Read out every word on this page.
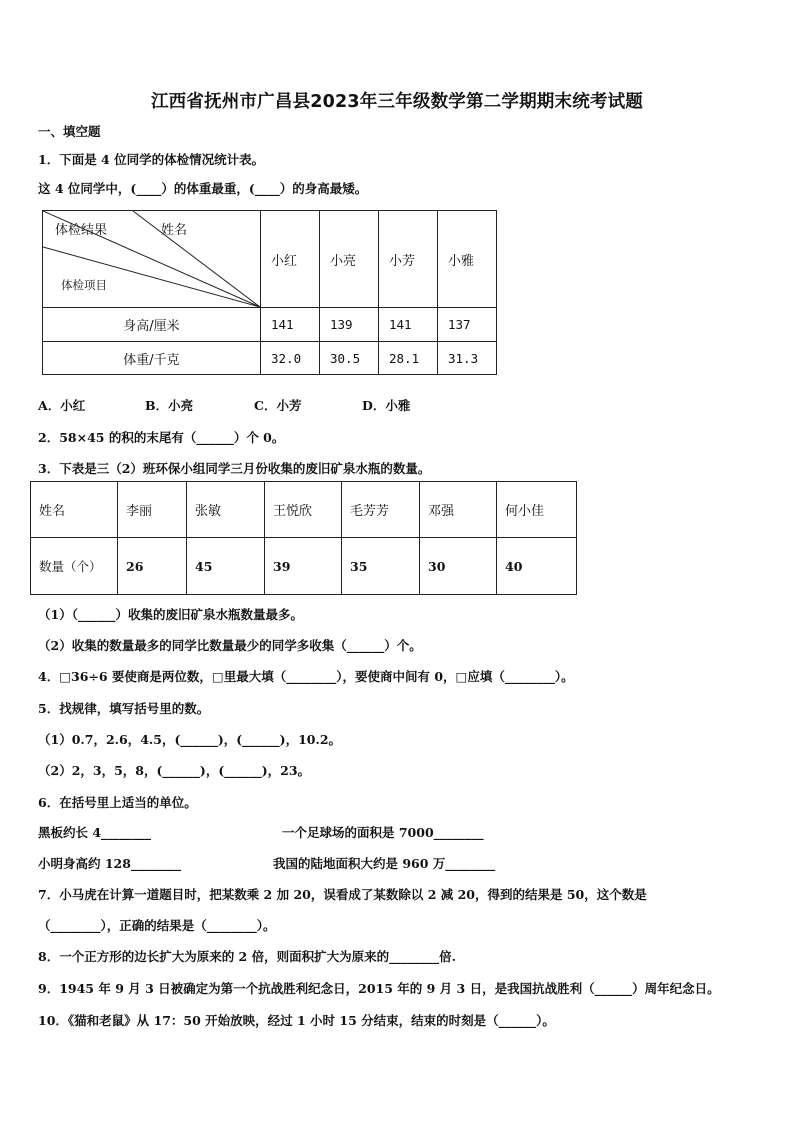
江西省抚州市广昌县2023年三年级数学第二学期期末统考试题
一、填空题
1．下面是 4 位同学的体检情况统计表。
这 4 位同学中，(____）的体重最重，(____）的身高最矮。
体检结果 姓名
体检项目	小红	小亮	小芳	小雅
身高/厘米	141	139	141	137
体重/千克	32.0	30.5	28.1	31.3
A．小红	B．小亮	C．小芳	D．小雅
2．58×45 的积的末尾有（______）个 0。
3．下表是三（2）班环保小组同学三月份收集的废旧矿泉水瓶的数量。
姓名	李丽	张敏	王悦欣	毛芳芳	邓强	何小佳
数量（个）	26	45	39	35	30	40
（1）（______）收集的废旧矿泉水瓶数量最多。
（2）收集的数量最多的同学比数量最少的同学多收集（______）个。
4．□36÷6 要使商是两位数，□里最大填（________），要使商中间有 0，□应填（________）。
5．找规律，填写括号里的数。
（1）0.7，2.6，4.5，(______)，(______)，10.2。
（2）2，3，5，8，(______)，(______)，23。
6．在括号里上适当的单位。
黑板约长 4________	一个足球场的面积是 7000________
小明身高约 128________	我国的陆地面积大约是 960 万________
7．小马虎在计算一道题目时，把某数乘 2 加 20，误看成了某数除以 2 减 20，得到的结果是 50，这个数是
（________），正确的结果是（________）。
8．一个正方形的边长扩大为原来的 2 倍，则面积扩大为原来的________倍.
9．1945 年 9 月 3 日被确定为第一个抗战胜利纪念日，2015 年的 9 月 3 日，是我国抗战胜利（______）周年纪念日。
10．《猫和老鼠》从 17：50 开始放映，经过 1 小时 15 分结束，结束的时刻是（______）。
